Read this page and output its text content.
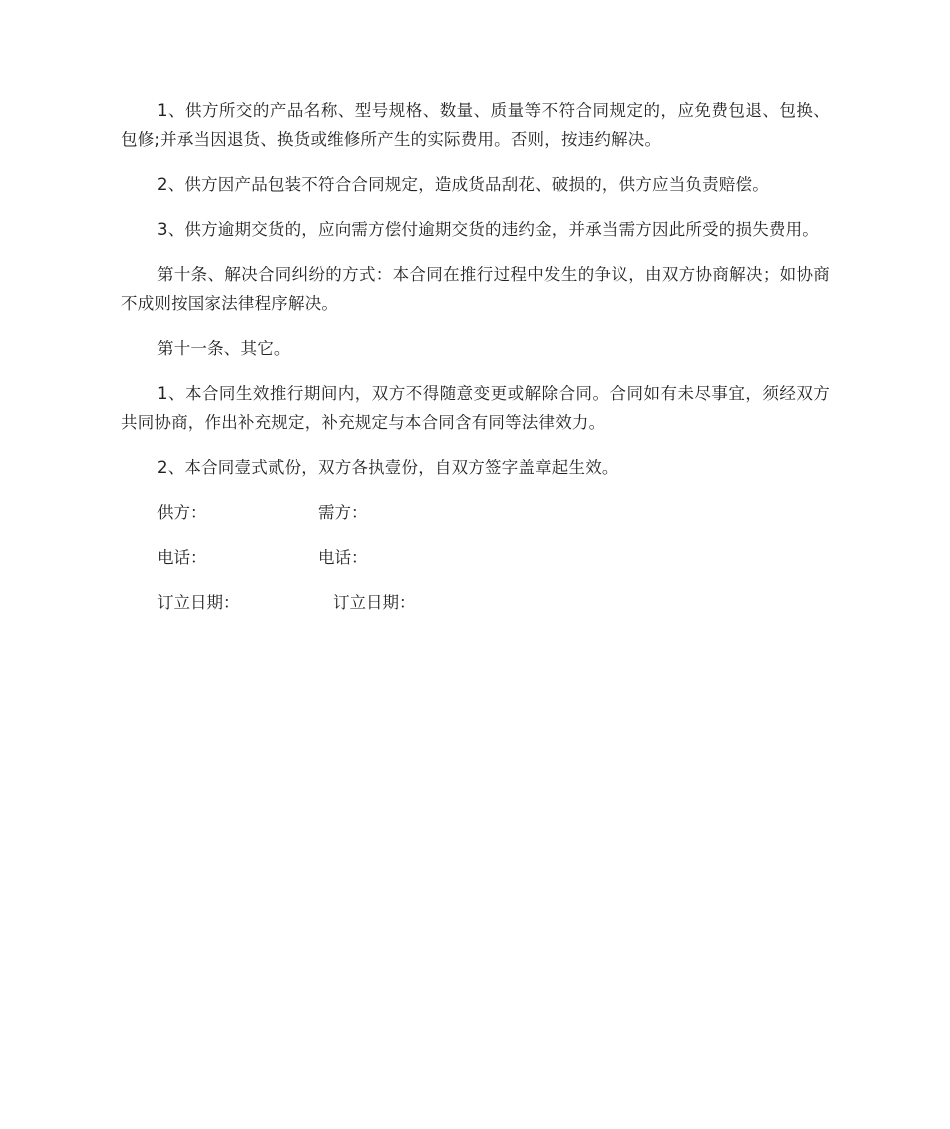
1、供方所交的产品名称、型号规格、数量、质量等不符合同规定的，应免费包退、包换、包修;并承当因退货、换货或维修所产生的实际费用。否则，按违约解决。

2、供方因产品包装不符合合同规定，造成货品刮花、破损的，供方应当负责赔偿。

3、供方逾期交货的，应向需方偿付逾期交货的违约金，并承当需方因此所受的损失费用。

第十条、解决合同纠纷的方式：本合同在推行过程中发生的争议，由双方协商解决；如协商不成则按国家法律程序解决。

第十一条、其它。

1、本合同生效推行期间内，双方不得随意变更或解除合同。合同如有未尽事宜，须经双方共同协商，作出补充规定，补充规定与本合同含有同等法律效力。

2、本合同壹式贰份，双方各执壹份，自双方签字盖章起生效。

供方：	需方：
电话：	电话：
订立日期：	订立日期：
